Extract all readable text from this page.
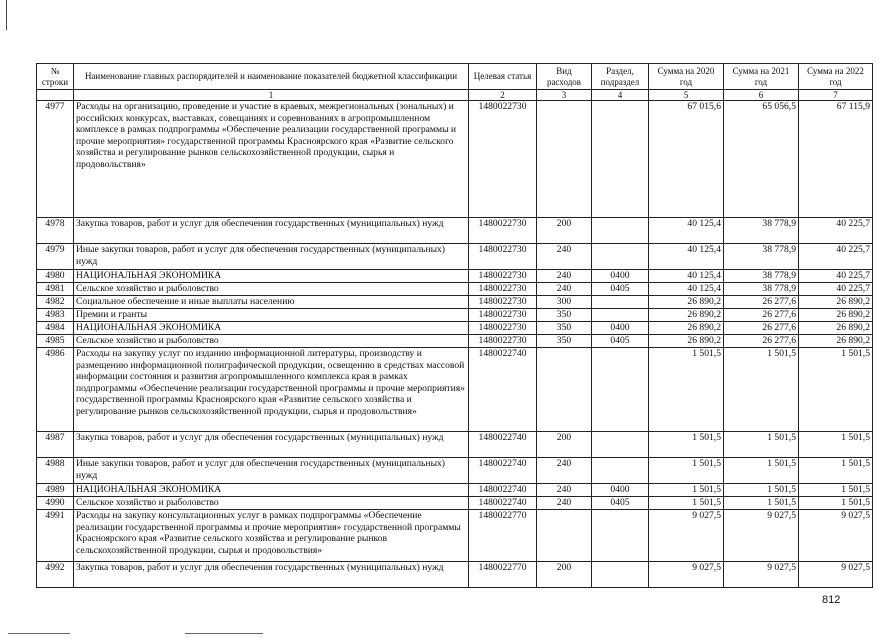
№ строки	Наименование главных распорядителей и наименование показателей бюджетной классификации	Целевая статья	Вид расходов	Раздел, подраздел	Сумма на 2020 год	Сумма на 2021 год	Сумма на 2022 год
	1	2	3	4	5	6	7
4977	Расходы на организацию, проведение и участие в краевых, межрегиональных (зональных) и российских конкурсах, выставках, совещаниях и соревнованиях в агропромышленном комплексе в рамках подпрограммы «Обеспечение реализации государственной программы и прочие мероприятия» государственной программы Красноярского края «Развитие сельского хозяйства и регулирование рынков сельскохозяйственной продукции, сырья и продовольствия»	1480022730			67 015,6	65 056,5	67 115,9
4978	Закупка товаров, работ и услуг для обеспечения государственных (муниципальных) нужд	1480022730	200		40 125,4	38 778,9	40 225,7
4979	Иные закупки товаров, работ и услуг для обеспечения государственных (муниципальных) нужд	1480022730	240		40 125,4	38 778,9	40 225,7
4980	НАЦИОНАЛЬНАЯ ЭКОНОМИКА	1480022730	240	0400	40 125,4	38 778,9	40 225,7
4981	Сельское хозяйство и рыболовство	1480022730	240	0405	40 125,4	38 778,9	40 225,7
4982	Социальное обеспечение и иные выплаты населению	1480022730	300		26 890,2	26 277,6	26 890,2
4983	Премии и гранты	1480022730	350		26 890,2	26 277,6	26 890,2
4984	НАЦИОНАЛЬНАЯ ЭКОНОМИКА	1480022730	350	0400	26 890,2	26 277,6	26 890,2
4985	Сельское хозяйство и рыболовство	1480022730	350	0405	26 890,2	26 277,6	26 890,2
4986	Расходы на закупку услуг по изданию информационной литературы, производству и размещению информационной полиграфической продукции, освещению в средствах массовой информации состояния и развития агропромышленного комплекса края в рамках подпрограммы «Обеспечение реализации государственной программы и прочие мероприятия» государственной программы Красноярского края «Развитие сельского хозяйства и регулирование рынков сельскохозяйственной продукции, сырья и продовольствия»	1480022740			1 501,5	1 501,5	1 501,5
4987	Закупка товаров, работ и услуг для обеспечения государственных (муниципальных) нужд	1480022740	200		1 501,5	1 501,5	1 501,5
4988	Иные закупки товаров, работ и услуг для обеспечения государственных (муниципальных) нужд	1480022740	240		1 501,5	1 501,5	1 501,5
4989	НАЦИОНАЛЬНАЯ ЭКОНОМИКА	1480022740	240	0400	1 501,5	1 501,5	1 501,5
4990	Сельское хозяйство и рыболовство	1480022740	240	0405	1 501,5	1 501,5	1 501,5
4991	Расходы на закупку консультационных услуг в рамках подпрограммы «Обеспечение реализации государственной программы и прочие мероприятия» государственной программы Красноярского края «Развитие сельского хозяйства и регулирование рынков сельскохозяйственной продукции, сырья и продовольствия»	1480022770			9 027,5	9 027,5	9 027,5
4992	Закупка товаров, работ и услуг для обеспечения государственных (муниципальных) нужд	1480022770	200		9 027,5	9 027,5	9 027,5
812
